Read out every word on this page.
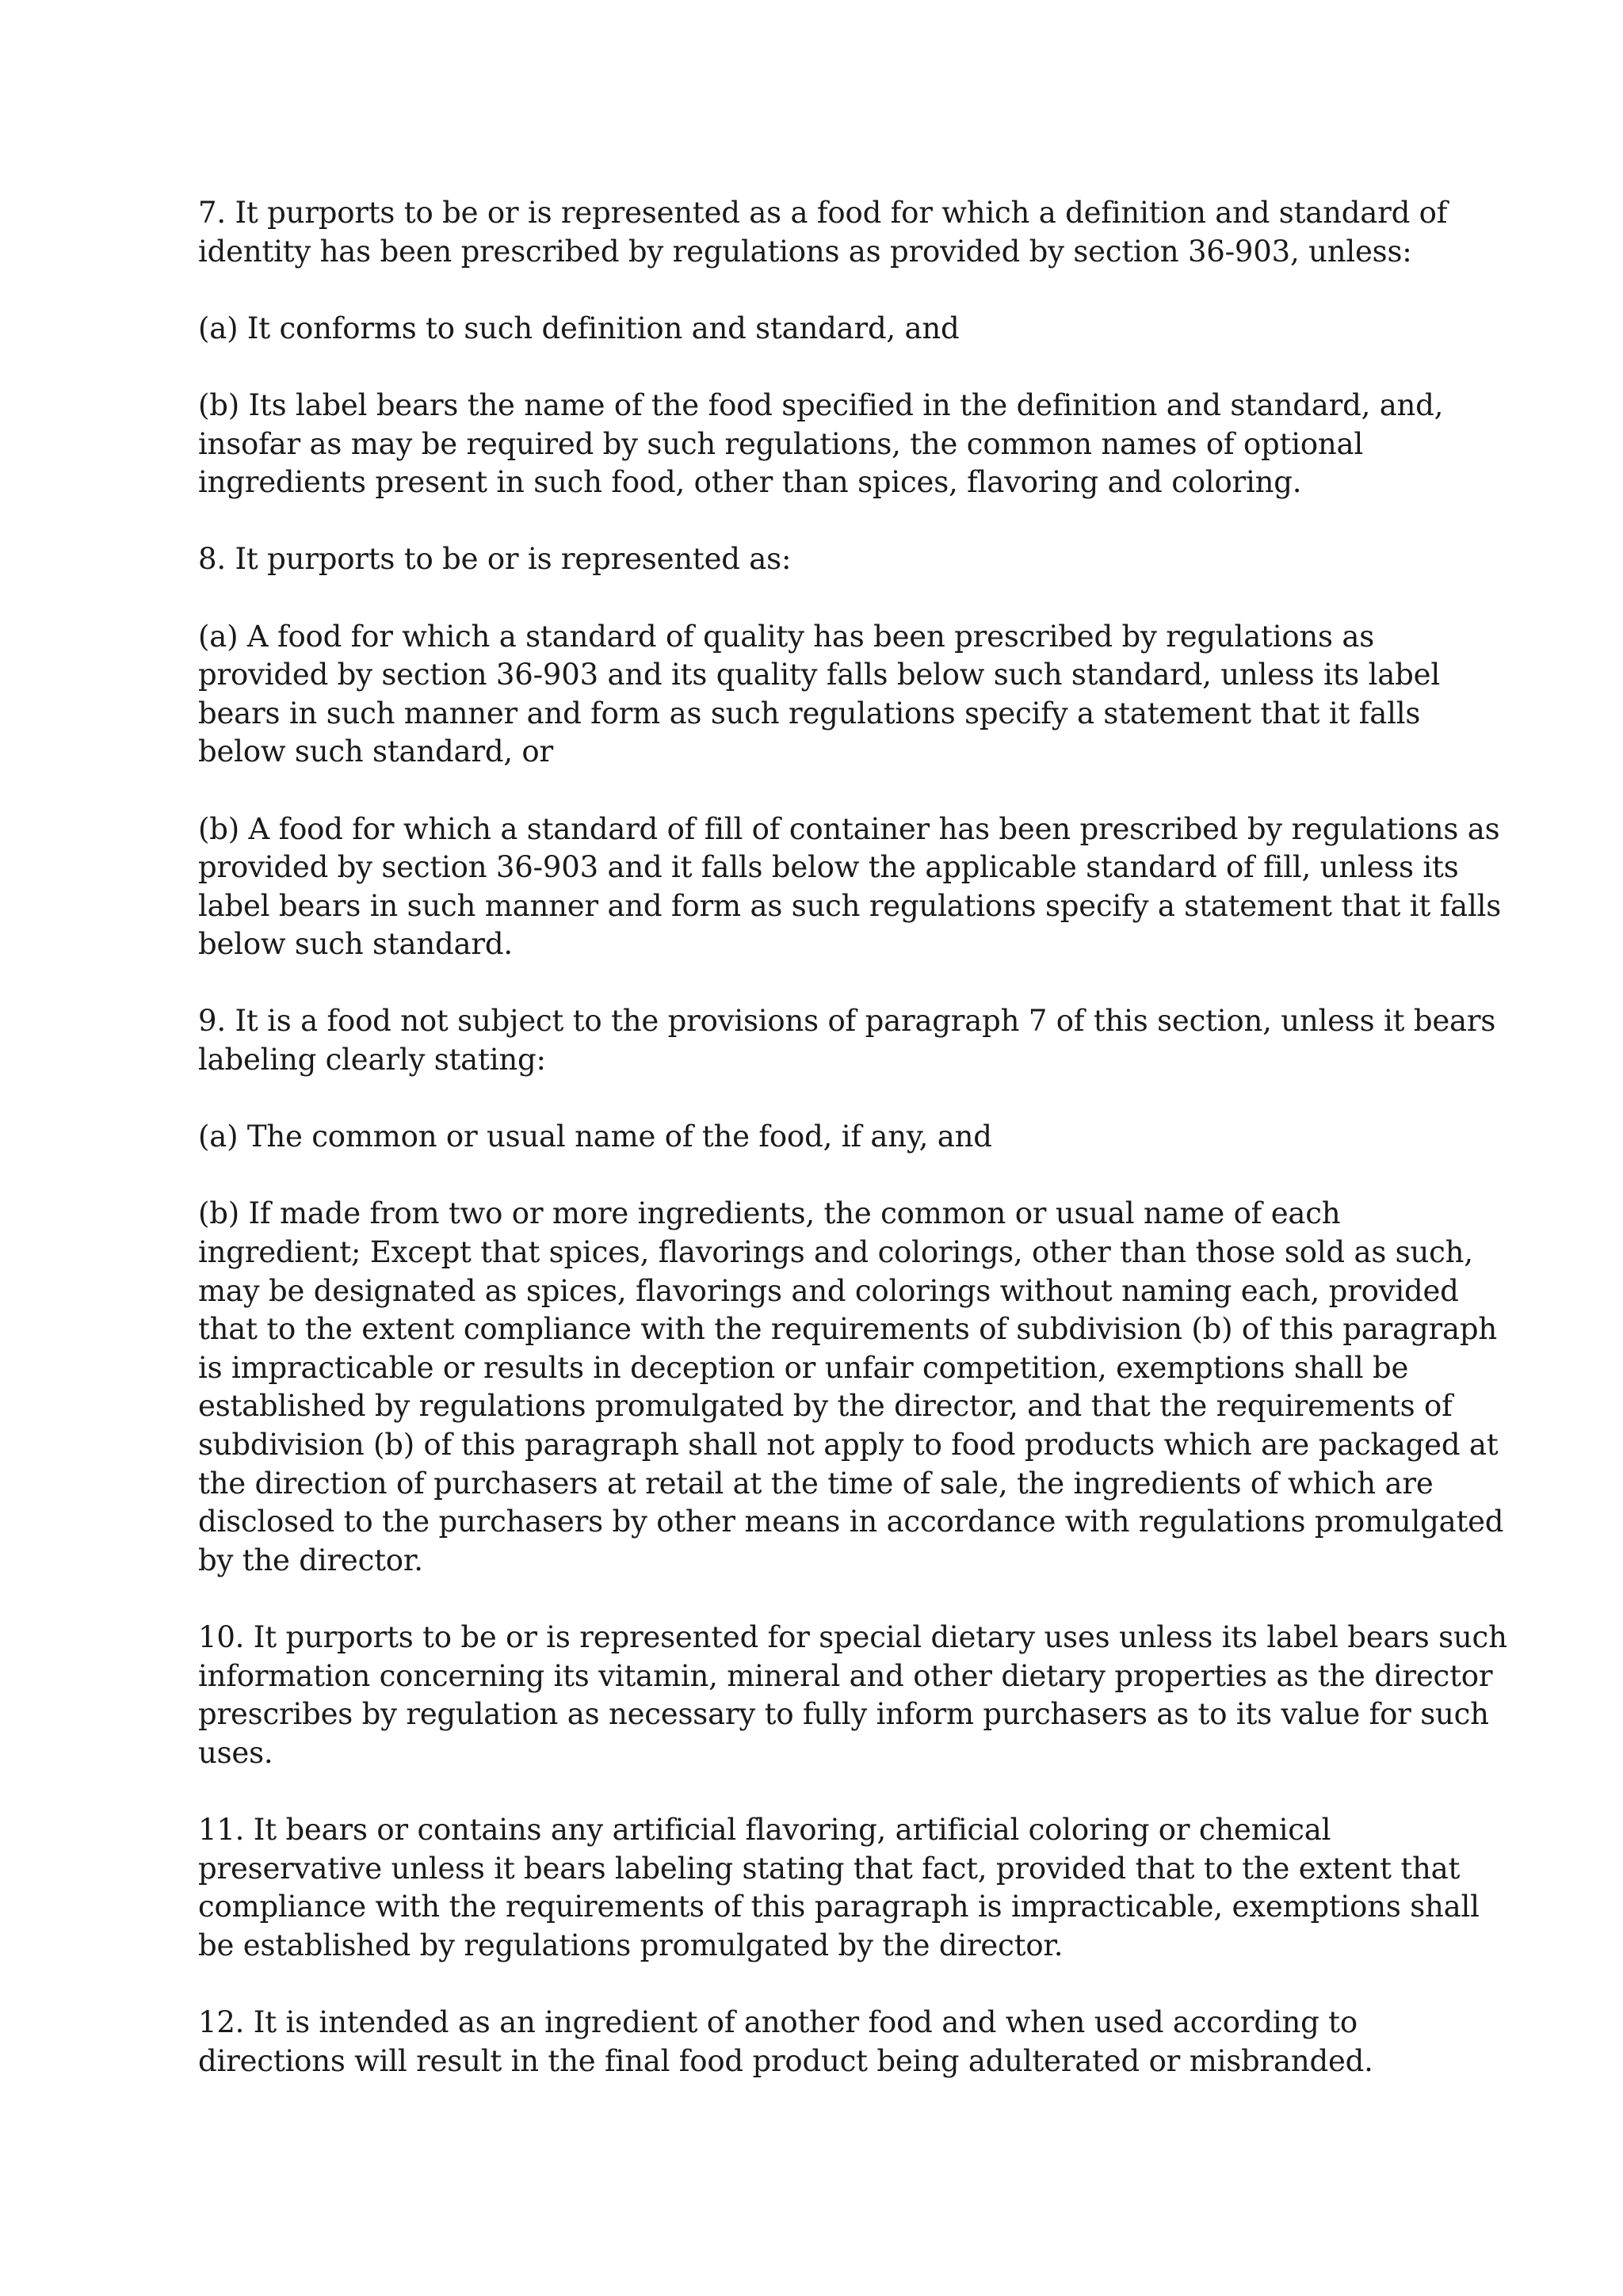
7. It purports to be or is represented as a food for which a definition and standard of
identity has been prescribed by regulations as provided by section 36-903, unless:

(a) It conforms to such definition and standard, and

(b) Its label bears the name of the food specified in the definition and standard, and,
insofar as may be required by such regulations, the common names of optional
ingredients present in such food, other than spices, flavoring and coloring.

8. It purports to be or is represented as:

(a) A food for which a standard of quality has been prescribed by regulations as
provided by section 36-903 and its quality falls below such standard, unless its label
bears in such manner and form as such regulations specify a statement that it falls
below such standard, or

(b) A food for which a standard of fill of container has been prescribed by regulations as
provided by section 36-903 and it falls below the applicable standard of fill, unless its
label bears in such manner and form as such regulations specify a statement that it falls
below such standard.

9. It is a food not subject to the provisions of paragraph 7 of this section, unless it bears
labeling clearly stating:

(a) The common or usual name of the food, if any, and

(b) If made from two or more ingredients, the common or usual name of each
ingredient; Except that spices, flavorings and colorings, other than those sold as such,
may be designated as spices, flavorings and colorings without naming each, provided
that to the extent compliance with the requirements of subdivision (b) of this paragraph
is impracticable or results in deception or unfair competition, exemptions shall be
established by regulations promulgated by the director, and that the requirements of
subdivision (b) of this paragraph shall not apply to food products which are packaged at
the direction of purchasers at retail at the time of sale, the ingredients of which are
disclosed to the purchasers by other means in accordance with regulations promulgated
by the director.

10. It purports to be or is represented for special dietary uses unless its label bears such
information concerning its vitamin, mineral and other dietary properties as the director
prescribes by regulation as necessary to fully inform purchasers as to its value for such
uses.

11. It bears or contains any artificial flavoring, artificial coloring or chemical
preservative unless it bears labeling stating that fact, provided that to the extent that
compliance with the requirements of this paragraph is impracticable, exemptions shall
be established by regulations promulgated by the director.

12. It is intended as an ingredient of another food and when used according to
directions will result in the final food product being adulterated or misbranded.
